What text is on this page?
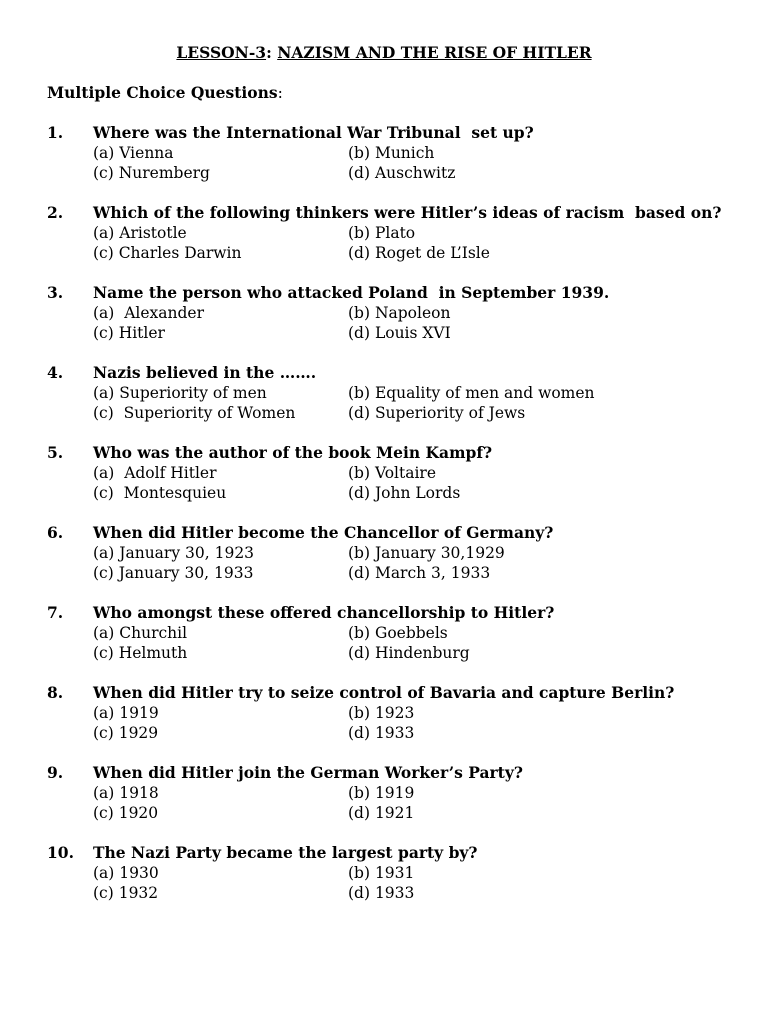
LESSON-3: NAZISM AND THE RISE OF HITLER
Multiple Choice Questions:
1. Where was the International War Tribunal  set up?
(a) Vienna	(b) Munich
(c) Nuremberg	(d) Auschwitz
2. Which of the following thinkers were Hitler’s ideas of racism  based on?
(a) Aristotle	(b) Plato
(c) Charles Darwin	(d) Roget de L’Isle
3. Name the person who attacked Poland  in September 1939.
(a)  Alexander	(b) Napoleon
(c) Hitler	(d) Louis XVI
4. Nazis believed in the …….
(a) Superiority of men	(b) Equality of men and women
(c)  Superiority of Women	(d) Superiority of Jews
5. Who was the author of the book Mein Kampf?
(a)  Adolf Hitler	(b) Voltaire
(c)  Montesquieu	(d) John Lords
6. When did Hitler become the Chancellor of Germany?
(a) January 30, 1923	(b) January 30,1929
(c) January 30, 1933	(d) March 3, 1933
7. Who amongst these offered chancellorship to Hitler?
(a) Churchil	(b) Goebbels
(c) Helmuth	(d) Hindenburg
8. When did Hitler try to seize control of Bavaria and capture Berlin?
(a) 1919	(b) 1923
(c) 1929	(d) 1933
9. When did Hitler join the German Worker’s Party?
(a) 1918	(b) 1919
(c) 1920	(d) 1921
10. The Nazi Party became the largest party by?
(a) 1930	(b) 1931
(c) 1932	(d) 1933
